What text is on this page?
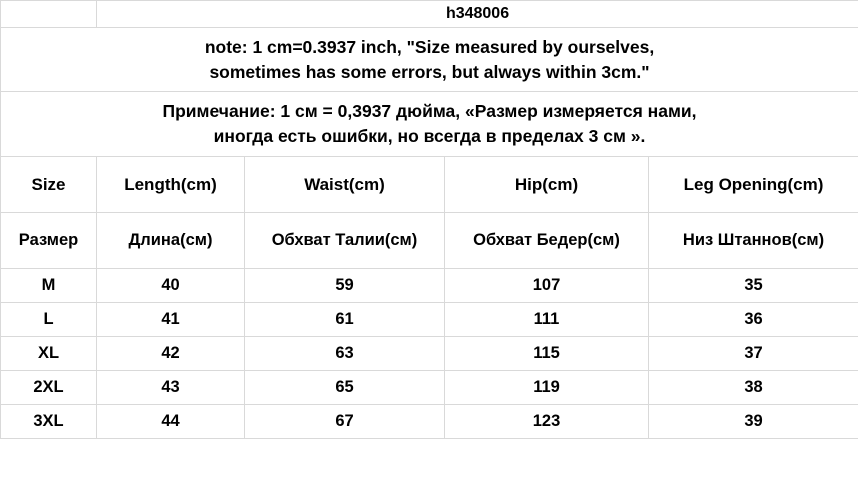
	h348006			

note: 1 cm=0.3937 inch, "Size measured by ourselves,
sometimes has some errors, but always within 3cm."				

Примечание: 1 см = 0,3937 дюйма, «Размер измеряется нами,
иногда есть ошибки, но всегда в пределах 3 см ».				

Size	Length(cm)	Waist(cm)	Hip(cm)	Leg Opening(cm)
Размер	Длина(см)	Обхват Талии(см)	Обхват Бедер(см)	Низ Штаннов(см)
M	40	59	107	35
L	41	61	111	36
XL	42	63	115	37
2XL	43	65	119	38
3XL	44	67	123	39
